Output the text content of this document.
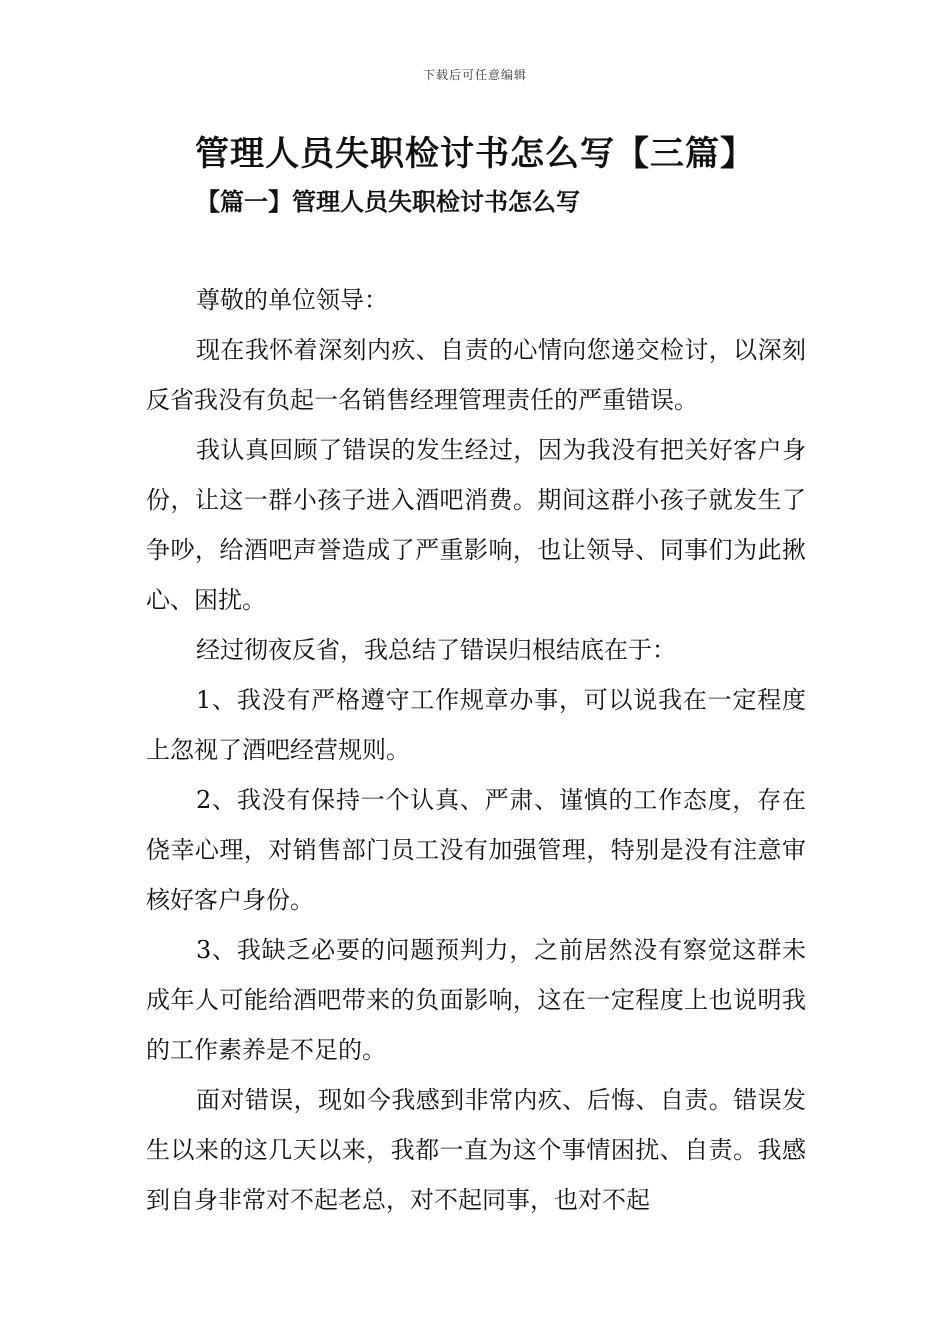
下载后可任意编辑
管理人员失职检讨书怎么写【三篇】
【篇一】管理人员失职检讨书怎么写

尊敬的单位领导：

现在我怀着深刻内疚、自责的心情向您递交检讨，以深刻反省我没有负起一名销售经理管理责任的严重错误。

我认真回顾了错误的发生经过，因为我没有把关好客户身份，让这一群小孩子进入酒吧消费。期间这群小孩子就发生了争吵，给酒吧声誉造成了严重影响，也让领导、同事们为此揪心、困扰。

经过彻夜反省，我总结了错误归根结底在于：

1、我没有严格遵守工作规章办事，可以说我在一定程度上忽视了酒吧经营规则。

2、我没有保持一个认真、严肃、谨慎的工作态度，存在侥幸心理，对销售部门员工没有加强管理，特别是没有注意审核好客户身份。

3、我缺乏必要的问题预判力，之前居然没有察觉这群未成年人可能给酒吧带来的负面影响，这在一定程度上也说明我的工作素养是不足的。

面对错误，现如今我感到非常内疚、后悔、自责。错误发生以来的这几天以来，我都一直为这个事情困扰、自责。我感到自身非常对不起老总，对不起同事，也对不起
